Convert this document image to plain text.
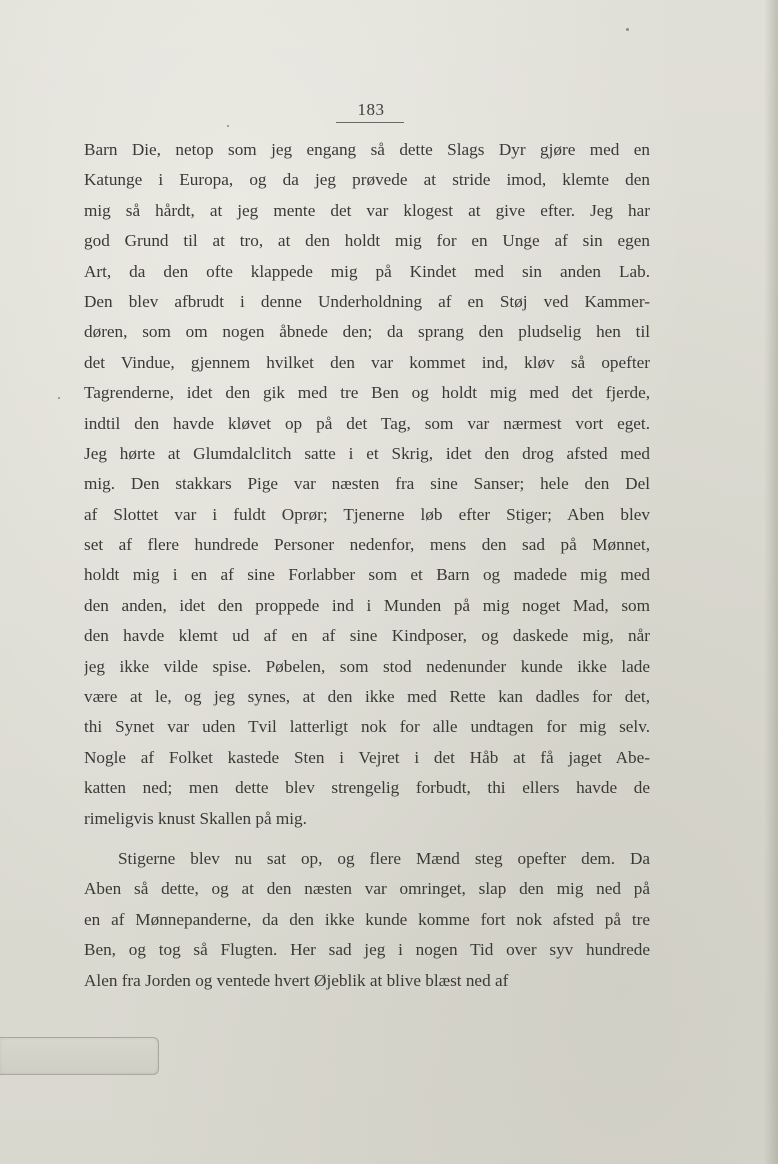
183
Barn Die, netop som jeg engang så dette Slags Dyr gjøre med en
Katunge i Europa, og da jeg prøvede at stride imod, klemte den
mig så hårdt, at jeg mente det var klogest at give efter. Jeg har
god Grund til at tro, at den holdt mig for en Unge af sin egen
Art, da den ofte klappede mig på Kindet med sin anden Lab.
Den blev afbrudt i denne Underholdning af en Støj ved Kammer-
døren, som om nogen åbnede den; da sprang den pludselig hen til
det Vindue, gjennem hvilket den var kommet ind, kløv så opefter
Tagrenderne, idet den gik med tre Ben og holdt mig med det fjerde,
indtil den havde kløvet op på det Tag, som var nærmest vort eget.
Jeg hørte at Glumdalclitch satte i et Skrig, idet den drog afsted med
mig. Den stakkars Pige var næsten fra sine Sanser; hele den Del
af Slottet var i fuldt Oprør; Tjenerne løb efter Stiger; Aben blev
set af flere hundrede Personer nedenfor, mens den sad på Mønnet,
holdt mig i en af sine Forlabber som et Barn og madede mig med
den anden, idet den proppede ind i Munden på mig noget Mad, som
den havde klemt ud af en af sine Kindposer, og daskede mig, når
jeg ikke vilde spise. Pøbelen, som stod nedenunder kunde ikke lade
være at le, og jeg synes, at den ikke med Rette kan dadles for det,
thi Synet var uden Tvil latterligt nok for alle undtagen for mig selv.
Nogle af Folket kastede Sten i Vejret i det Håb at få jaget Abe-
katten ned; men dette blev strengelig forbudt, thi ellers havde de
rimeligvis knust Skallen på mig.
Stigerne blev nu sat op, og flere Mænd steg opefter dem. Da
Aben så dette, og at den næsten var omringet, slap den mig ned på
en af Mønnepanderne, da den ikke kunde komme fort nok afsted på tre
Ben, og tog så Flugten. Her sad jeg i nogen Tid over syv hundrede
Alen fra Jorden og ventede hvert Øjeblik at blive blæst ned af
